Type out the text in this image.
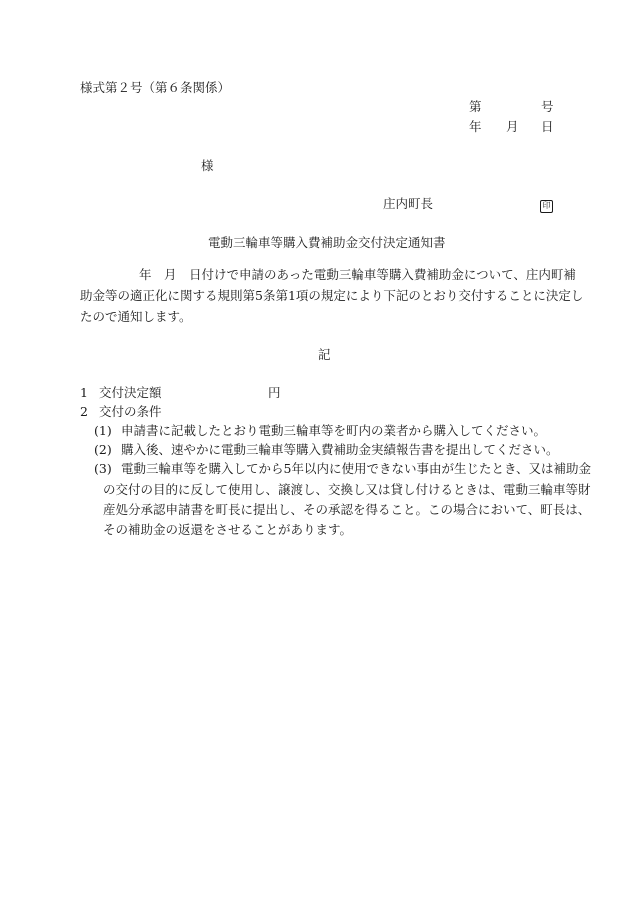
様式第２号（第６条関係）
第	号
年 月 日
様
庄内町長	印
電動三輪車等購入費補助金交付決定通知書
年　月　日付けで申請のあった電動三輪車等購入費補助金について、庄内町補
助金等の適正化に関する規則第5条第1項の規定により下記のとおり交付することに決定し
たので通知します。
記
1 交付決定額	円
2 交付の条件
(1) 申請書に記載したとおり電動三輪車等を町内の業者から購入してください。
(2) 購入後、速やかに電動三輪車等購入費補助金実績報告書を提出してください。
(3) 電動三輪車等を購入してから5年以内に使用できない事由が生じたとき、又は補助金
の交付の目的に反して使用し、譲渡し、交換し又は貸し付けるときは、電動三輪車等財
産処分承認申請書を町長に提出し、その承認を得ること。この場合において、町長は、
その補助金の返還をさせることがあります。
